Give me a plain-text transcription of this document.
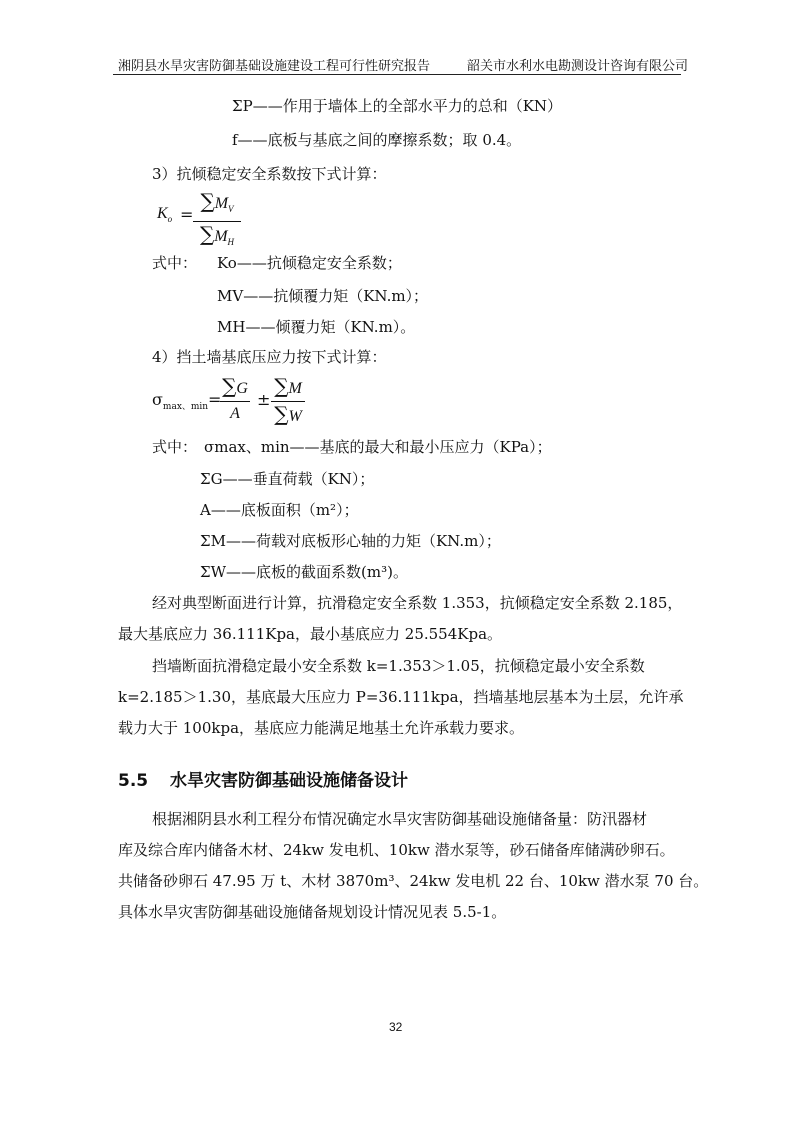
湘阴县水旱灾害防御基础设施建设工程可行性研究报告	韶关市水利水电勘测设计咨询有限公司
ΣP——作用于墙体上的全部水平力的总和（KN）
f——底板与基底之间的摩擦系数；取 0.4。
3）抗倾稳定安全系数按下式计算：
$K_o$ =
$\sum M_V$
$\sum M_H$
式中： Ko——抗倾稳定安全系数；
MV——抗倾覆力矩（KN.m）；
MH——倾覆力矩（KN.m）。
4）挡土墙基底压应力按下式计算：
$\sigma_{max、min}$ =
∑G
A
±
∑M
∑W
式中： σmax、min——基底的最大和最小压应力（KPa）；
ΣG——垂直荷载（KN）；
A——底板面积（m²）；
ΣM——荷载对底板形心轴的力矩（KN.m）；
ΣW——底板的截面系数(m³)。
经对典型断面进行计算，抗滑稳定安全系数 1.353，抗倾稳定安全系数 2.185，
最大基底应力 36.111Kpa，最小基底应力 25.554Kpa。
挡墙断面抗滑稳定最小安全系数 k=1.353＞1.05，抗倾稳定最小安全系数
k=2.185＞1.30，基底最大压应力 P=36.111kpa，挡墙基地层基本为土层，允许承
载力大于 100kpa，基底应力能满足地基土允许承载力要求。
5.5 水旱灾害防御基础设施储备设计
根据湘阴县水利工程分布情况确定水旱灾害防御基础设施储备量：防汛器材
库及综合库内储备木材、24kw 发电机、10kw 潜水泵等，砂石储备库储满砂卵石。
共储备砂卵石 47.95 万 t、木材 3870m³、24kw 发电机 22 台、10kw 潜水泵 70 台。
具体水旱灾害防御基础设施储备规划设计情况见表 5.5-1。
32
